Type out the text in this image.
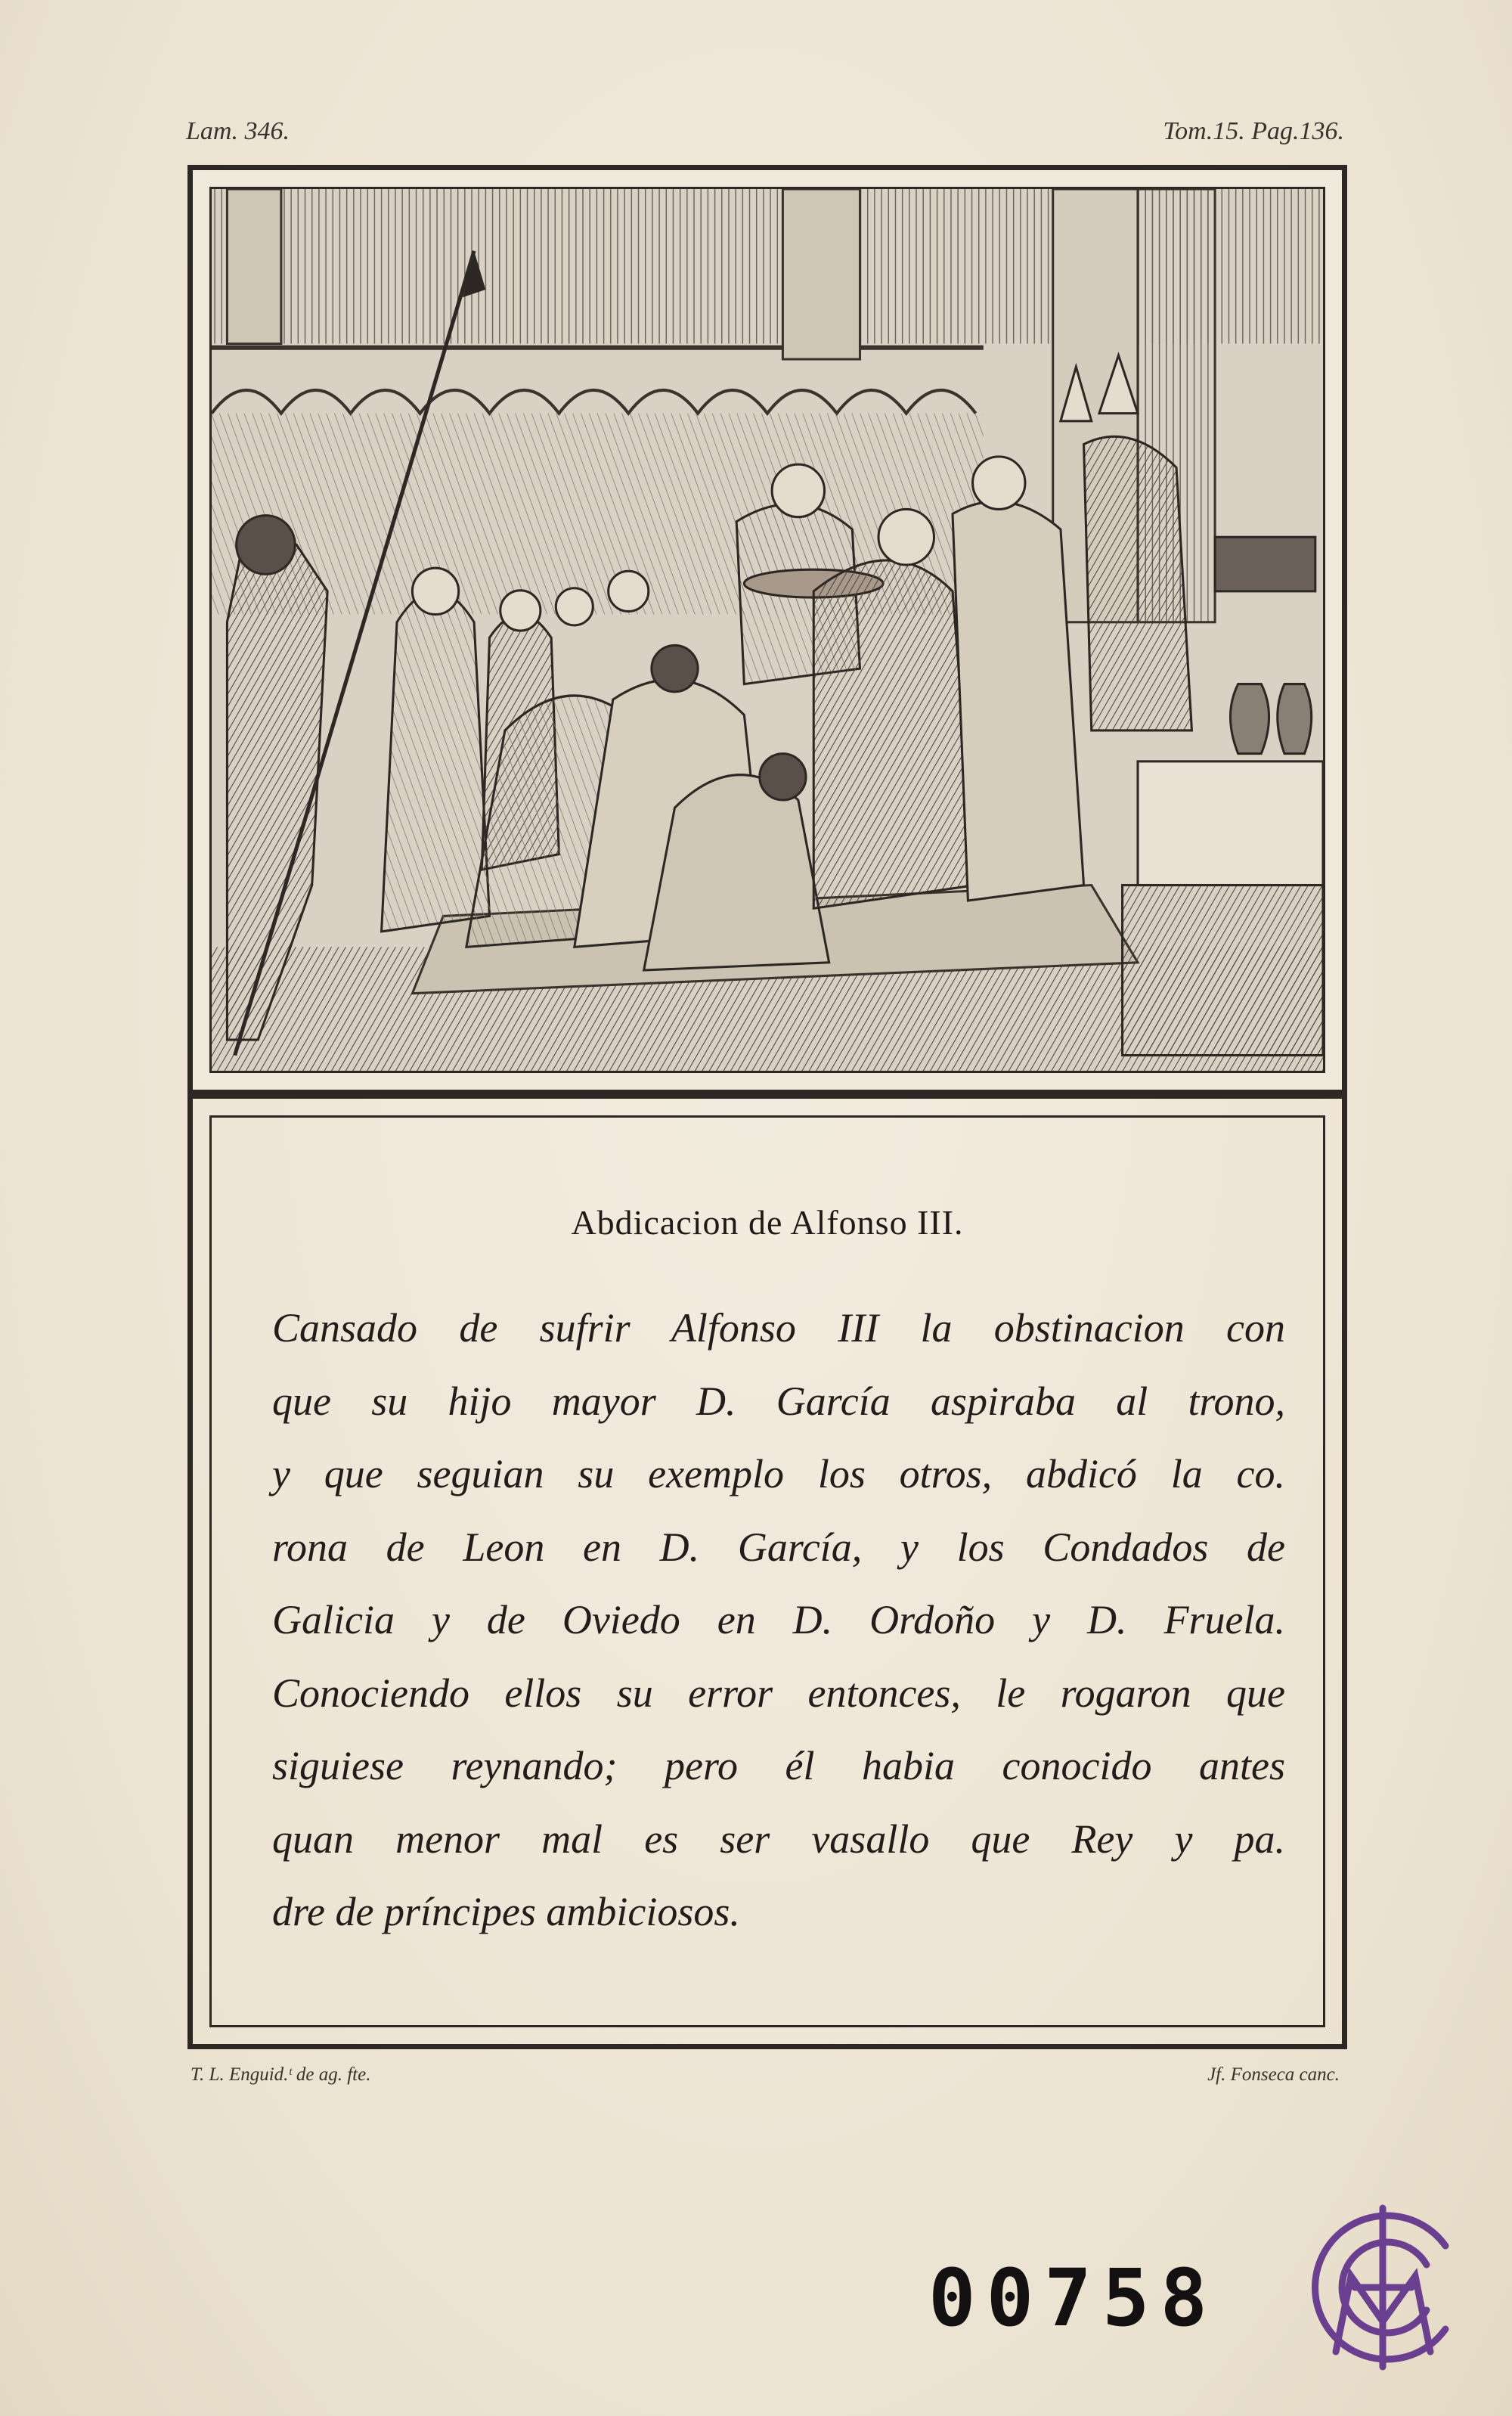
Lam. 346.	Tom.15. Pag.136.
Abdicacion de Alfonso III.
Cansado de sufrir Alfonso III la obstinacion con
que su hijo mayor D. García aspiraba al trono,
y que seguian su exemplo los otros, abdicó la co.
rona de Leon en D. García, y los Condados de
Galicia y de Oviedo en D. Ordoño y D. Fruela.
Conociendo ellos su error entonces, le rogaron que
siguiese reynando; pero él habia conocido antes
quan menor mal es ser vasallo que Rey y pa.
dre de príncipes ambiciosos.
T. L. Enguid.ᵗ de ag. fte.	Jf. Fonseca canc.
00758
